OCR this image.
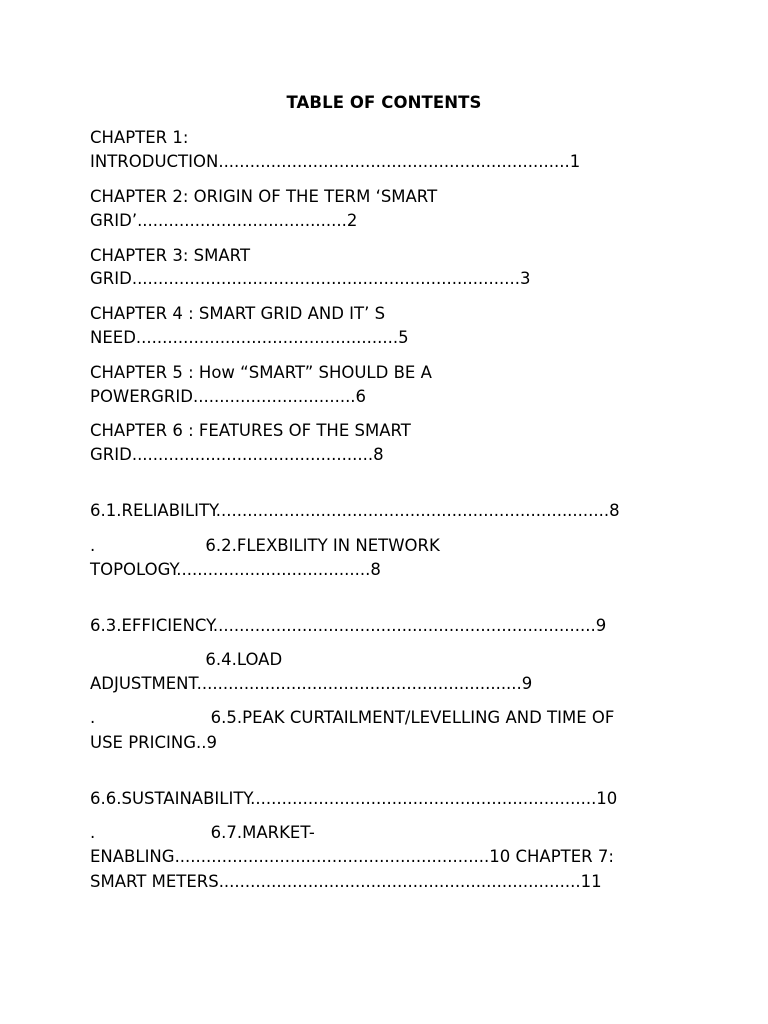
TABLE OF CONTENTS
CHAPTER 1:
INTRODUCTION...................................................................1
CHAPTER 2: ORIGIN OF THE TERM ‘SMART
GRID’........................................2
CHAPTER 3: SMART
GRID..........................................................................3
CHAPTER 4 : SMART GRID AND IT’ S
NEED..................................................5
CHAPTER 5 : How “SMART” SHOULD BE A
POWERGRID...............................6
CHAPTER 6 : FEATURES OF THE SMART
GRID..............................................8
6.1.RELIABILITY...........................................................................8
.                     6.2.FLEXBILITY IN NETWORK
TOPOLOGY.....................................8
6.3.EFFICIENCY.........................................................................9
6.4.LOAD
ADJUSTMENT..............................................................9
.                      6.5.PEAK CURTAILMENT/LEVELLING AND TIME OF
USE PRICING..9
6.6.SUSTAINABILITY..................................................................10
.                      6.7.MARKET-
ENABLING............................................................10 CHAPTER 7:
SMART METERS.....................................................................11
